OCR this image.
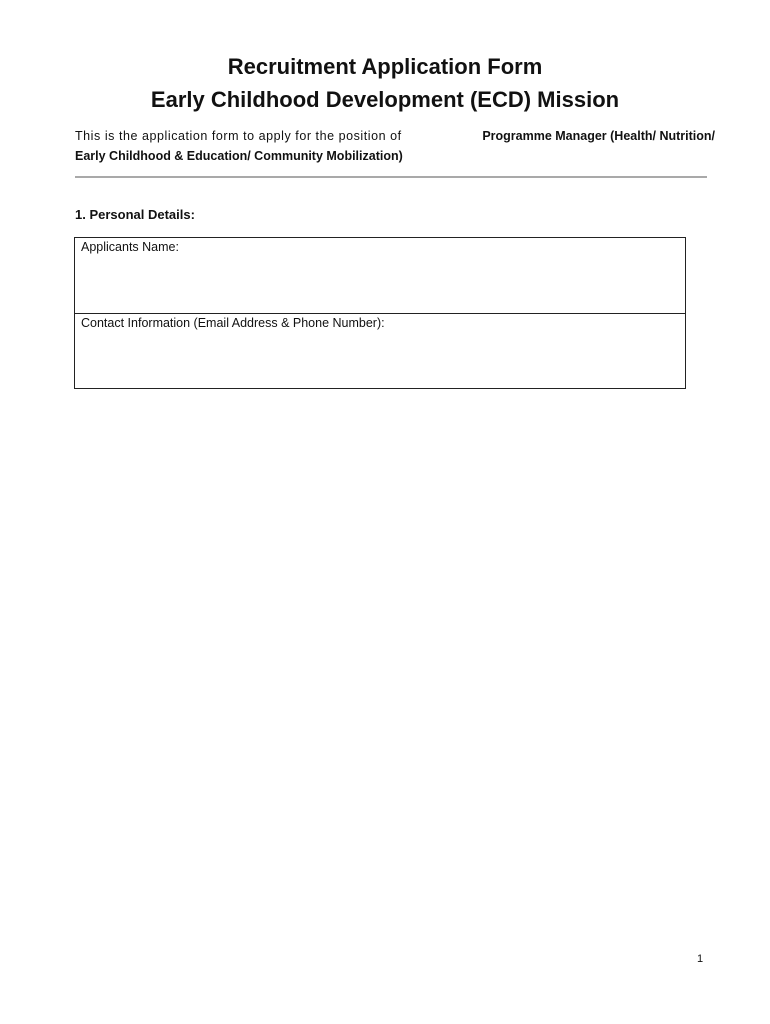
Recruitment Application Form
Early Childhood Development (ECD) Mission
This is the application form to apply for the position of	Programme Manager (Health/ Nutrition/
Early Childhood & Education/ Community Mobilization)
1. Personal Details:
Applicants Name:
Contact Information (Email Address & Phone Number):
1
